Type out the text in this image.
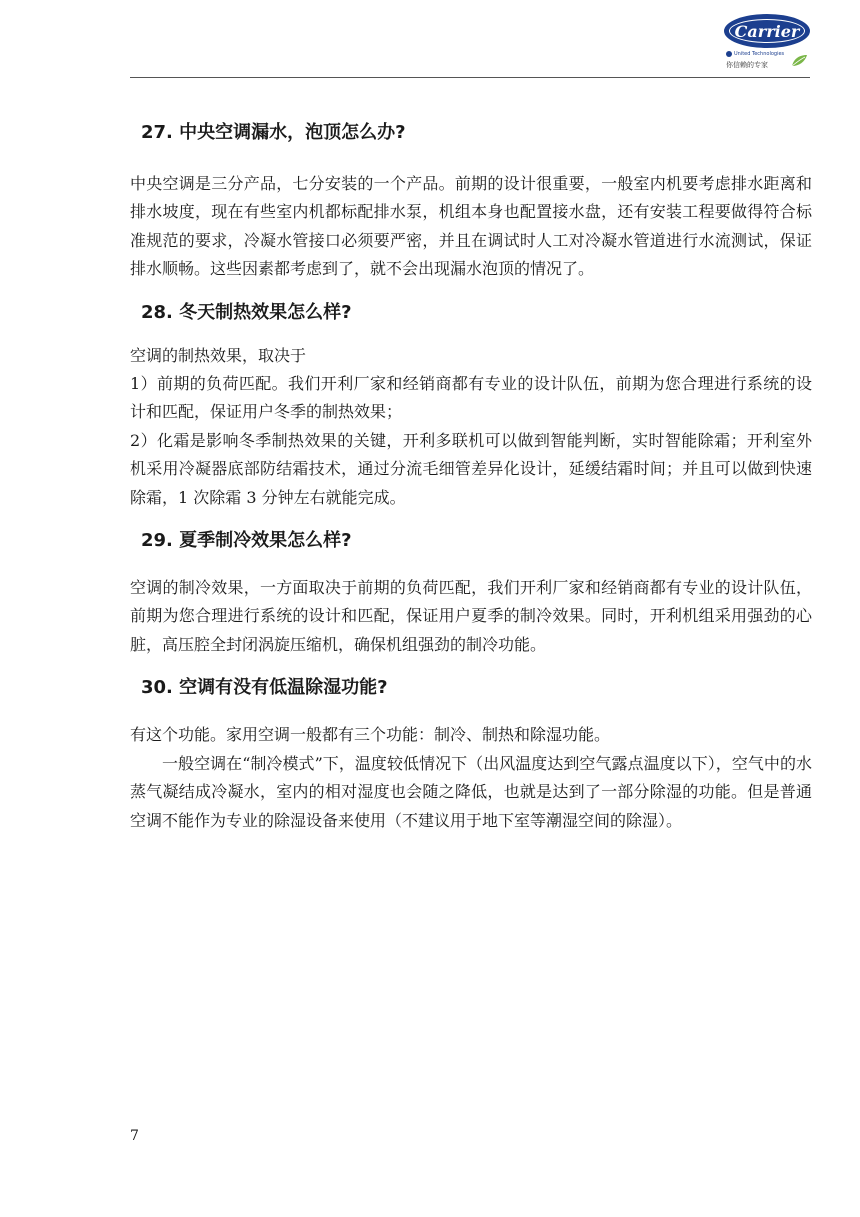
Carrier
United Technologies
你信赖的专家
27. 中央空调漏水，泡顶怎么办?

中央空调是三分产品，七分安装的一个产品。前期的设计很重要，一般室内机要考虑排水距离和排水坡度，现在有些室内机都标配排水泵，机组本身也配置接水盘，还有安装工程要做得符合标准规范的要求，冷凝水管接口必须要严密，并且在调试时人工对冷凝水管道进行水流测试，保证排水顺畅。这些因素都考虑到了，就不会出现漏水泡顶的情况了。

28. 冬天制热效果怎么样?

空调的制热效果，取决于

1）前期的负荷匹配。我们开利厂家和经销商都有专业的设计队伍，前期为您合理进行系统的设计和匹配，保证用户冬季的制热效果；

2）化霜是影响冬季制热效果的关键，开利多联机可以做到智能判断，实时智能除霜；开利室外机采用冷凝器底部防结霜技术，通过分流毛细管差异化设计，延缓结霜时间；并且可以做到快速除霜，1 次除霜 3 分钟左右就能完成。

29. 夏季制冷效果怎么样?

空调的制冷效果，一方面取决于前期的负荷匹配，我们开利厂家和经销商都有专业的设计队伍，前期为您合理进行系统的设计和匹配，保证用户夏季的制冷效果。同时，开利机组采用强劲的心脏，高压腔全封闭涡旋压缩机，确保机组强劲的制冷功能。

30. 空调有没有低温除湿功能?

有这个功能。家用空调一般都有三个功能：制冷、制热和除湿功能。

一般空调在“制冷模式”下，温度较低情况下（出风温度达到空气露点温度以下），空气中的水蒸气凝结成冷凝水，室内的相对湿度也会随之降低，也就是达到了一部分除湿的功能。但是普通空调不能作为专业的除湿设备来使用（不建议用于地下室等潮湿空间的除湿）。

7
